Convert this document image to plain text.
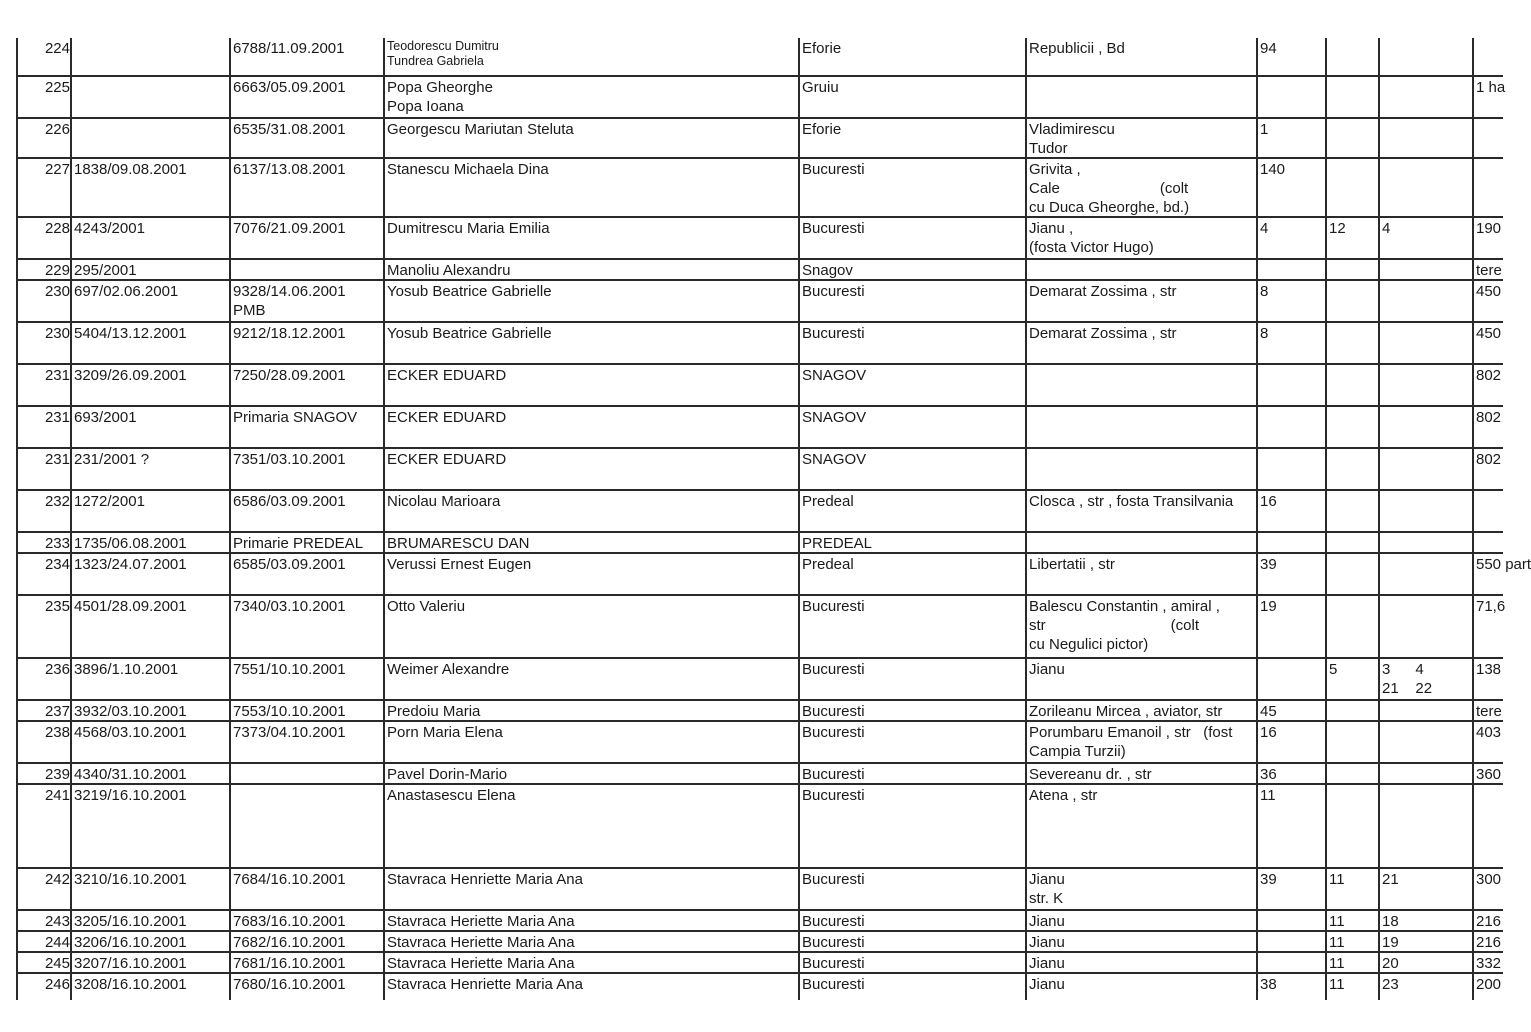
224	6788/11.09.2001	Teodorescu Dumitru
Tundrea Gabriela
Eforie	Republicii , Bd	94
225	6663/05.09.2001	Popa Gheorghe
Popa Ioana
Gruiu	1 ha
226	6535/31.08.2001	Georgescu Mariutan Steluta	Eforie	Vladimirescu
Tudor
1
227 1838/09.08.2001	6137/13.08.2001	Stanescu Michaela Dina	Bucuresti	Grivita ,
Cale                        (colt
cu Duca Gheorghe, bd.)
140
228 4243/2001	7076/21.09.2001	Dumitrescu Maria Emilia	Bucuresti	Jianu ,
(fosta Victor Hugo)
4	12	4	190
229 295/2001	Manoliu Alexandru	Snagov	tere
230 697/02.06.2001	9328/14.06.2001
PMB
Yosub Beatrice Gabrielle	Bucuresti	Demarat Zossima , str	8	450
230 5404/13.12.2001	9212/18.12.2001	Yosub Beatrice Gabrielle	Bucuresti	Demarat Zossima , str	8	450
231 3209/26.09.2001	7250/28.09.2001	ECKER EDUARD	SNAGOV	802
231 693/2001	Primaria SNAGOV	ECKER EDUARD	SNAGOV	802
231 231/2001 ?	7351/03.10.2001	ECKER EDUARD	SNAGOV	802
232 1272/2001	6586/03.09.2001	Nicolau Marioara	Predeal	Closca , str , fosta Transilvania	16
233 1735/06.08.2001	Primarie PREDEAL	BRUMARESCU DAN	PREDEAL
234 1323/24.07.2001	6585/03.09.2001	Verussi Ernest Eugen	Predeal	Libertatii , str	39	550 part
235 4501/28.09.2001	7340/03.10.2001	Otto Valeriu	Bucuresti	Balescu Constantin , amiral ,
str                              (colt
cu Negulici pictor)
19	71,6
236 3896/1.10.2001	7551/10.10.2001	Weimer Alexandre	Bucuresti	Jianu	5	3      4
21    22
138
237 3932/03.10.2001	7553/10.10.2001	Predoiu Maria	Bucuresti	Zorileanu Mircea , aviator, str	45	tere
238 4568/03.10.2001	7373/04.10.2001	Porn Maria Elena	Bucuresti	Porumbaru Emanoil , str   (fost
Campia Turzii)
16	403
239 4340/31.10.2001	Pavel Dorin-Mario	Bucuresti	Severeanu dr. , str	36	360
241 3219/16.10.2001	Anastasescu Elena	Bucuresti	Atena , str	11
242 3210/16.10.2001	7684/16.10.2001	Stavraca Henriette Maria Ana	Bucuresti	Jianu
str. K
39	11	21	300
243 3205/16.10.2001	7683/16.10.2001	Stavraca Heriette Maria Ana	Bucuresti	Jianu	11	18	216
244 3206/16.10.2001	7682/16.10.2001	Stavraca Heriette Maria Ana	Bucuresti	Jianu	11	19	216
245 3207/16.10.2001	7681/16.10.2001	Stavraca Heriette Maria Ana	Bucuresti	Jianu	11	20	332
246 3208/16.10.2001	7680/16.10.2001	Stavraca Henriette Maria Ana	Bucuresti	Jianu	38	11	23	200
